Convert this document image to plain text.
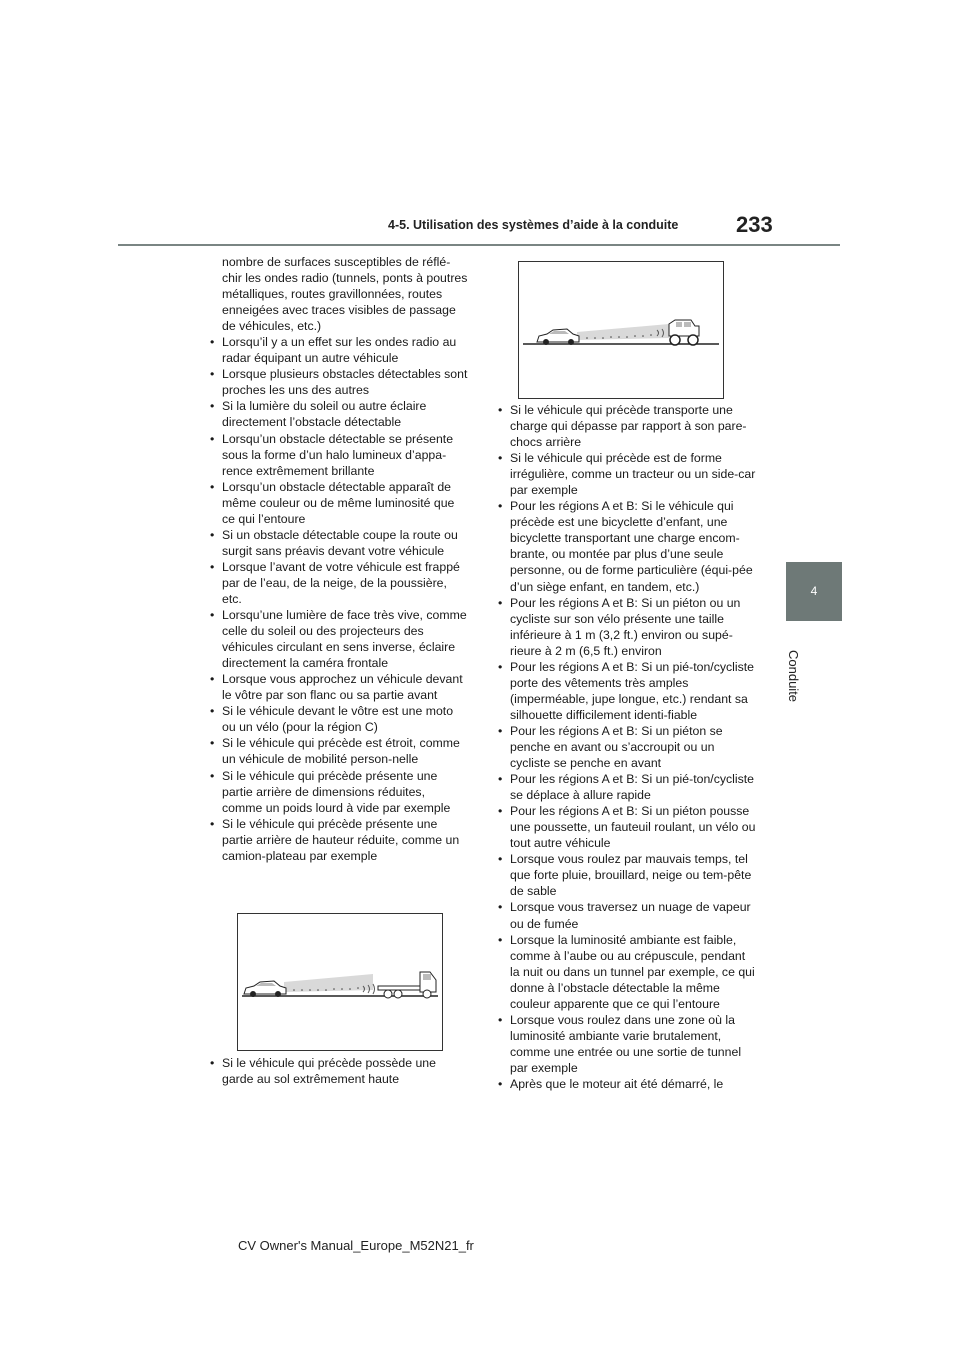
4-5. Utilisation des systèmes d’aide à la conduite	233
4
Conduite

nombre de surfaces susceptibles de réflé-chir les ondes radio (tunnels, ponts à poutres métalliques, routes gravillonnées, routes enneigées avec traces visibles de passage de véhicules, etc.)

• Lorsqu’il y a un effet sur les ondes radio au radar équipant un autre véhicule
• Lorsque plusieurs obstacles détectables sont proches les uns des autres
• Si la lumière du soleil ou autre éclaire directement l’obstacle détectable
• Lorsqu’un obstacle détectable se présente sous la forme d’un halo lumineux d’appa-rence extrêmement brillante
• Lorsqu’un obstacle détectable apparaît de même couleur ou de même luminosité que ce qui l’entoure
• Si un obstacle détectable coupe la route ou surgit sans préavis devant votre véhicule
• Lorsque l’avant de votre véhicule est frappé par de l’eau, de la neige, de la poussière, etc.
• Lorsqu’une lumière de face très vive, comme celle du soleil ou des projecteurs des véhicules circulant en sens inverse, éclaire directement la caméra frontale
• Lorsque vous approchez un véhicule devant le vôtre par son flanc ou sa partie avant
• Si le véhicule devant le vôtre est une moto ou un vélo (pour la région C)
• Si le véhicule qui précède est étroit, comme un véhicule de mobilité person-nelle
• Si le véhicule qui précède présente une partie arrière de dimensions réduites, comme un poids lourd à vide par exemple
• Si le véhicule qui précède présente une partie arrière de hauteur réduite, comme un camion-plateau par exemple
• Si le véhicule qui précède possède une garde au sol extrêmement haute
• Si le véhicule qui précède transporte une charge qui dépasse par rapport à son pare-chocs arrière
• Si le véhicule qui précède est de forme irrégulière, comme un tracteur ou un side-car par exemple
• Pour les régions A et B: Si le véhicule qui précède est une bicyclette d’enfant, une bicyclette transportant une charge encom-brante, ou montée par plus d’une seule personne, ou de forme particulière (équi-pée d’un siège enfant, en tandem, etc.)
• Pour les régions A et B: Si un piéton ou un cycliste sur son vélo présente une taille inférieure à 1 m (3,2 ft.) environ ou supé-rieure à 2 m (6,5 ft.) environ
• Pour les régions A et B: Si un pié-ton/cycliste porte des vêtements très amples (imperméable, jupe longue, etc.) rendant sa silhouette difficilement identi-fiable
• Pour les régions A et B: Si un piéton se penche en avant ou s’accroupit ou un cycliste se penche en avant
• Pour les régions A et B: Si un pié-ton/cycliste se déplace à allure rapide
• Pour les régions A et B: Si un piéton pousse une poussette, un fauteuil roulant, un vélo ou tout autre véhicule
• Lorsque vous roulez par mauvais temps, tel que forte pluie, brouillard, neige ou tem-pête de sable
• Lorsque vous traversez un nuage de vapeur ou de fumée
• Lorsque la luminosité ambiante est faible, comme à l’aube ou au crépuscule, pendant la nuit ou dans un tunnel par exemple, ce qui donne à l’obstacle détectable la même couleur apparente que ce qui l’entoure
• Lorsque vous roulez dans une zone où la luminosité ambiante varie brutalement, comme une entrée ou une sortie de tunnel par exemple
• Après que le moteur ait été démarré, le
CV Owner's Manual_Europe_M52N21_fr
